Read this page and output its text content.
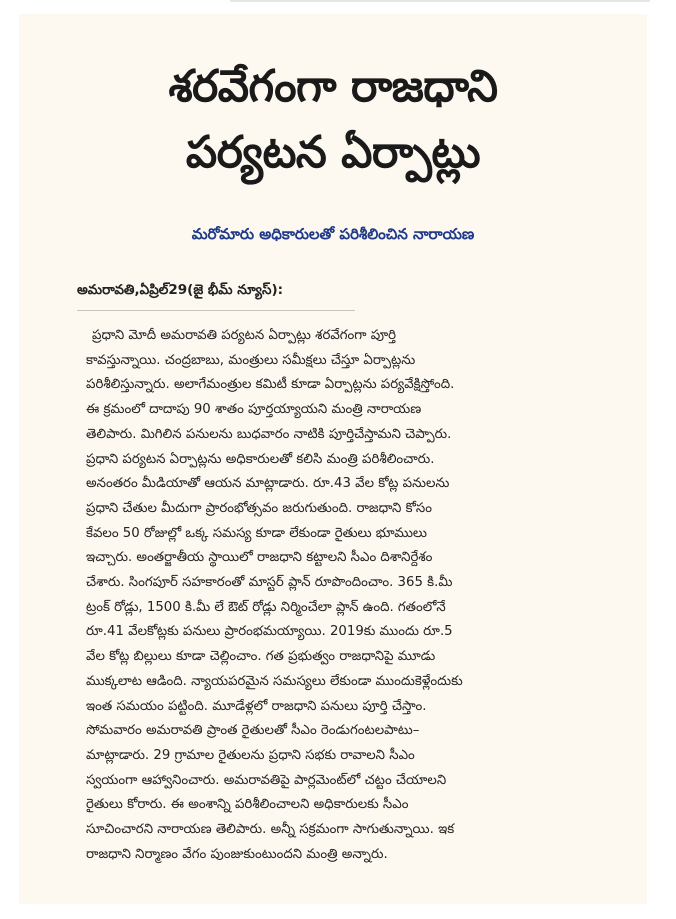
శరవేగంగా రాజధాని
పర్యటన ఏర్పాట్లు

మరోమారు అధికారులతో పరిశీలించిన నారాయణ

అమరావతి,ఏప్రిల్29(జై భీమ్ న్యూస్):

ప్రధాని మోదీ అమరావతి పర్యటన ఏర్పాట్లు శరవేగంగా పూర్తి
కావస్తున్నాయి. చంద్రబాబు, మంత్రులు సమీక్షలు చేస్తూ ఏర్పాట్లను
పరిశీలిస్తున్నారు. అలాగేమంత్రుల కమిటీ కూడా ఏర్పాట్లను పర్యవేక్షిస్తోంది.
ఈ క్రమంలో దాదాపు 90 శాతం పూర్తయ్యాయని మంత్రి నారాయణ
తెలిపారు. మిగిలిన పనులను బుధవారం నాటికి పూర్తిచేస్తామని చెప్పారు.
ప్రధాని పర్యటన ఏర్పాట్లను అధికారులతో కలిసి మంత్రి పరిశీలించారు.
అనంతరం మీడియాతో ఆయన మాట్లాడారు. రూ.43 వేల కోట్ల పనులను
ప్రధాని చేతుల మీదుగా ప్రారంభోత్సవం జరుగుతుంది. రాజధాని కోసం
కేవలం 50 రోజుల్లో ఒక్క సమస్య కూడా లేకుండా రైతులు భూములు
ఇచ్చారు. అంతర్జాతీయ స్థాయిలో రాజధాని కట్టాలని సీఎం దిశానిర్దేశం
చేశారు. సింగపూర్ సహకారంతో మాస్టర్ ప్లాన్ రూపొందించాం. 365 కి.మీ
ట్రంక్ రోడ్లు, 1500 కి.మీ లే ఔట్ రోడ్లు నిర్మించేలా ప్లాన్ ఉంది. గతంలోనే
రూ.41 వేలకోట్లకు పనులు ప్రారంభమయ్యాయి. 2019కు ముందు రూ.5
వేల కోట్ల బిల్లులు కూడా చెల్లించాం. గత ప్రభుత్వం రాజధానిపై మూడు
ముక్కలాట ఆడింది. న్యాయపరమైన సమస్యలు లేకుండా ముందుకెళ్లేందుకు
ఇంత సమయం పట్టింది. మూడేళ్లలో రాజధాని పనులు పూర్తి చేస్తాం.
సోమవారం అమరావతి ప్రాంత రైతులతో సీఎం రెండుగంటలపాటు–
మాట్లాడారు. 29 గ్రామాల రైతులను ప్రధాని సభకు రావాలని సీఎం
స్వయంగా ఆహ్వానించారు. అమరావతిపై పార్లమెంట్‌లో చట్టం చేయాలని
రైతులు కోరారు. ఈ అంశాన్ని పరిశీలించాలని అధికారులకు సీఎం
సూచించారని నారాయణ తెలిపారు. అన్నీ సక్రమంగా సాగుతున్నాయి. ఇక
రాజధాని నిర్మాణం వేగం పుంజుకుంటుందని మంత్రి అన్నారు.
